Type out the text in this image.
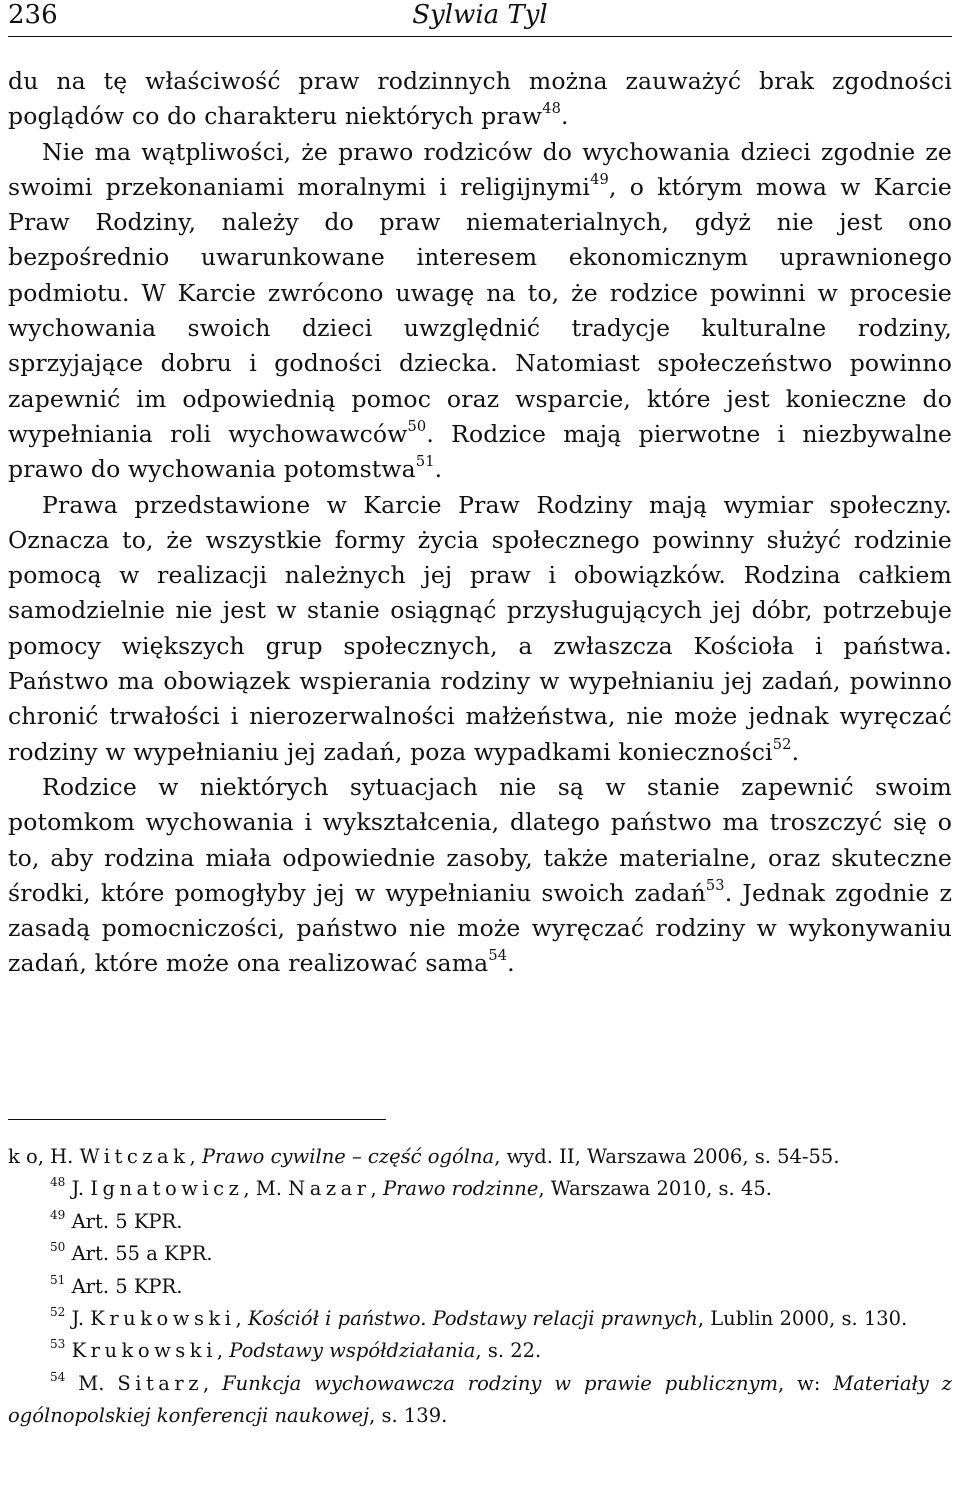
236	Sylwia Tyl

du na tę właściwość praw rodzinnych można zauważyć brak zgodności poglądów co do charakteru niektórych praw$^{48}$.

Nie ma wątpliwości, że prawo rodziców do wychowania dzieci zgodnie ze swoimi przekonaniami moralnymi i religijnymi$^{49}$, o którym mowa w Karcie Praw Rodziny, należy do praw niematerialnych, gdyż nie jest ono bezpośrednio uwarunkowane interesem ekonomicznym uprawnionego podmiotu. W Karcie zwrócono uwagę na to, że rodzice powinni w procesie wychowania swoich dzieci uwzględnić tradycje kulturalne rodziny, sprzyjające dobru i godności dziecka. Natomiast społeczeństwo powinno zapewnić im odpowiednią pomoc oraz wsparcie, które jest konieczne do wypełniania roli wychowawców$^{50}$. Rodzice mają pierwotne i niezbywalne prawo do wychowania potomstwa$^{51}$.

Prawa przedstawione w Karcie Praw Rodziny mają wymiar społeczny. Oznacza to, że wszystkie formy życia społecznego powinny służyć rodzinie pomocą w realizacji należnych jej praw i obowiązków. Rodzina całkiem samodzielnie nie jest w stanie osiągnąć przysługujących jej dóbr, potrzebuje pomocy większych grup społecznych, a zwłaszcza Kościoła i państwa. Państwo ma obowiązek wspierania rodziny w wypełnianiu jej zadań, powinno chronić trwałości i nierozerwalności małżeństwa, nie może jednak wyręczać rodziny w wypełnianiu jej zadań, poza wypadkami konieczności$^{52}$.

Rodzice w niektórych sytuacjach nie są w stanie zapewnić swoim potomkom wychowania i wykształcenia, dlatego państwo ma troszczyć się o to, aby rodzina miała odpowiednie zasoby, także materialne, oraz skuteczne środki, które pomogłyby jej w wypełnianiu swoich zadań$^{53}$. Jednak zgodnie z zasadą pomocniczości, państwo nie może wyręczać rodziny w wykonywaniu zadań, które może ona realizować sama$^{54}$.

k o, H. Witczak, Prawo cywilne – część ogólna, wyd. II, Warszawa 2006, s. 54-55.

$^{48}$ J. Ignatowicz, M. Nazar, Prawo rodzinne, Warszawa 2010, s. 45.

$^{49}$ Art. 5 KPR.

$^{50}$ Art. 55 a KPR.

$^{51}$ Art. 5 KPR.

$^{52}$ J. Krukowski, Kościół i państwo. Podstawy relacji prawnych, Lublin 2000, s. 130.

$^{53}$ Krukowski, Podstawy współdziałania, s. 22.

$^{54}$ M. Sitarz, Funkcja wychowawcza rodziny w prawie publicznym, w: Materiały z ogólnopolskiej konferencji naukowej, s. 139.
